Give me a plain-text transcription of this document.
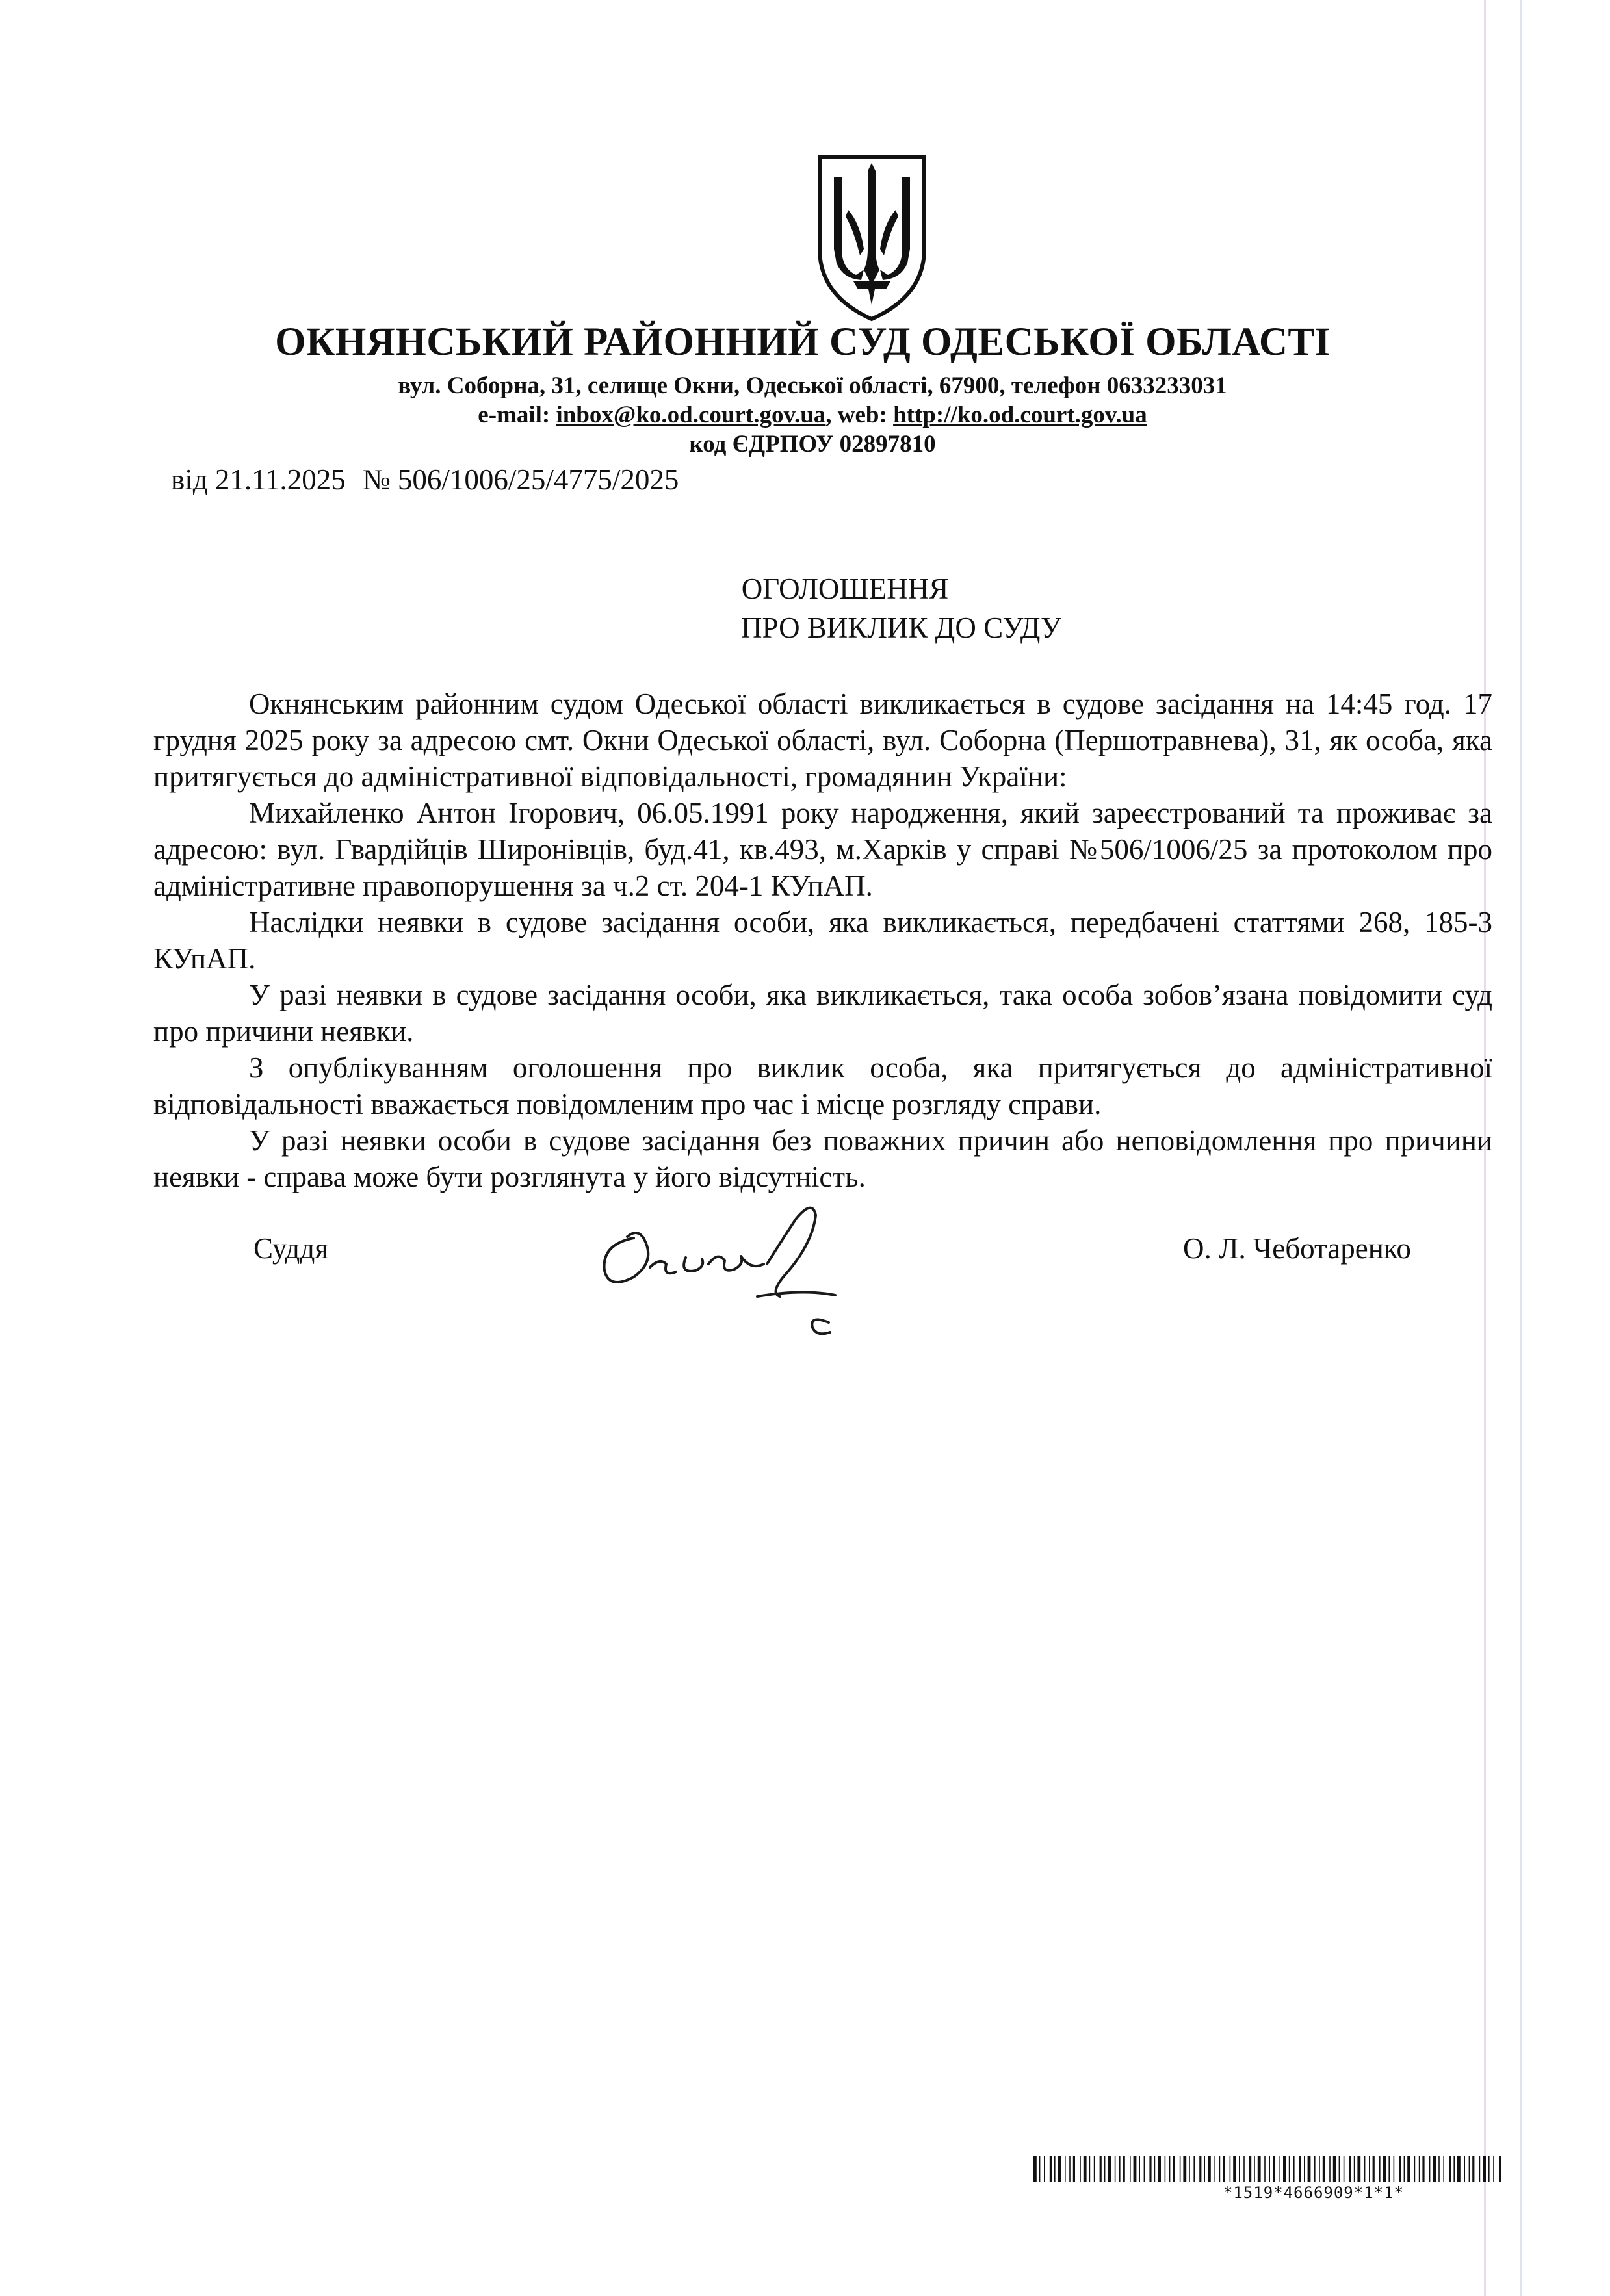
ОКНЯНСЬКИЙ РАЙОННИЙ СУД ОДЕСЬКОЇ ОБЛАСТІ
вул. Соборна, 31, селище Окни, Одеської області, 67900, телефон 0633233031
e-mail: inbox@ko.od.court.gov.ua, web: http://ko.od.court.gov.ua
код ЄДРПОУ 02897810
від 21.11.2025 № 506/1006/25/4775/2025
ОГОЛОШЕННЯ
ПРО ВИКЛИК ДО СУДУ

Окнянським районним судом Одеської області викликається в судове засідання на 14:45 год. 17 грудня 2025 року за адресою смт. Окни Одеської області, вул. Соборна (Першотравнева), 31, як особа, яка притягується до адміністративної відповідальності, громадянин України:

Михайленко Антон Ігорович, 06.05.1991 року народження, який зареєстрований та проживає за адресою: вул. Гвардійців Широнівців, буд.41, кв.493, м.Харків у справі №506/1006/25 за протоколом про адміністративне правопорушення за ч.2 ст. 204-1 КУпАП.

Наслідки неявки в судове засідання особи, яка викликається, передбачені статтями 268, 185-3 КУпАП.

У разі неявки в судове засідання особи, яка викликається, така особа зобов’язана повідомити суд про причини неявки.

З опублікуванням оголошення про виклик особа, яка притягується до адміністративної відповідальності вважається повідомленим про час і місце розгляду справи.

У разі неявки особи в судове засідання без поважних причин або неповідомлення про причини неявки - справа може бути розглянута у його відсутність.

Суддя	О. Л. Чеботаренко
*1519*4666909*1*1*
